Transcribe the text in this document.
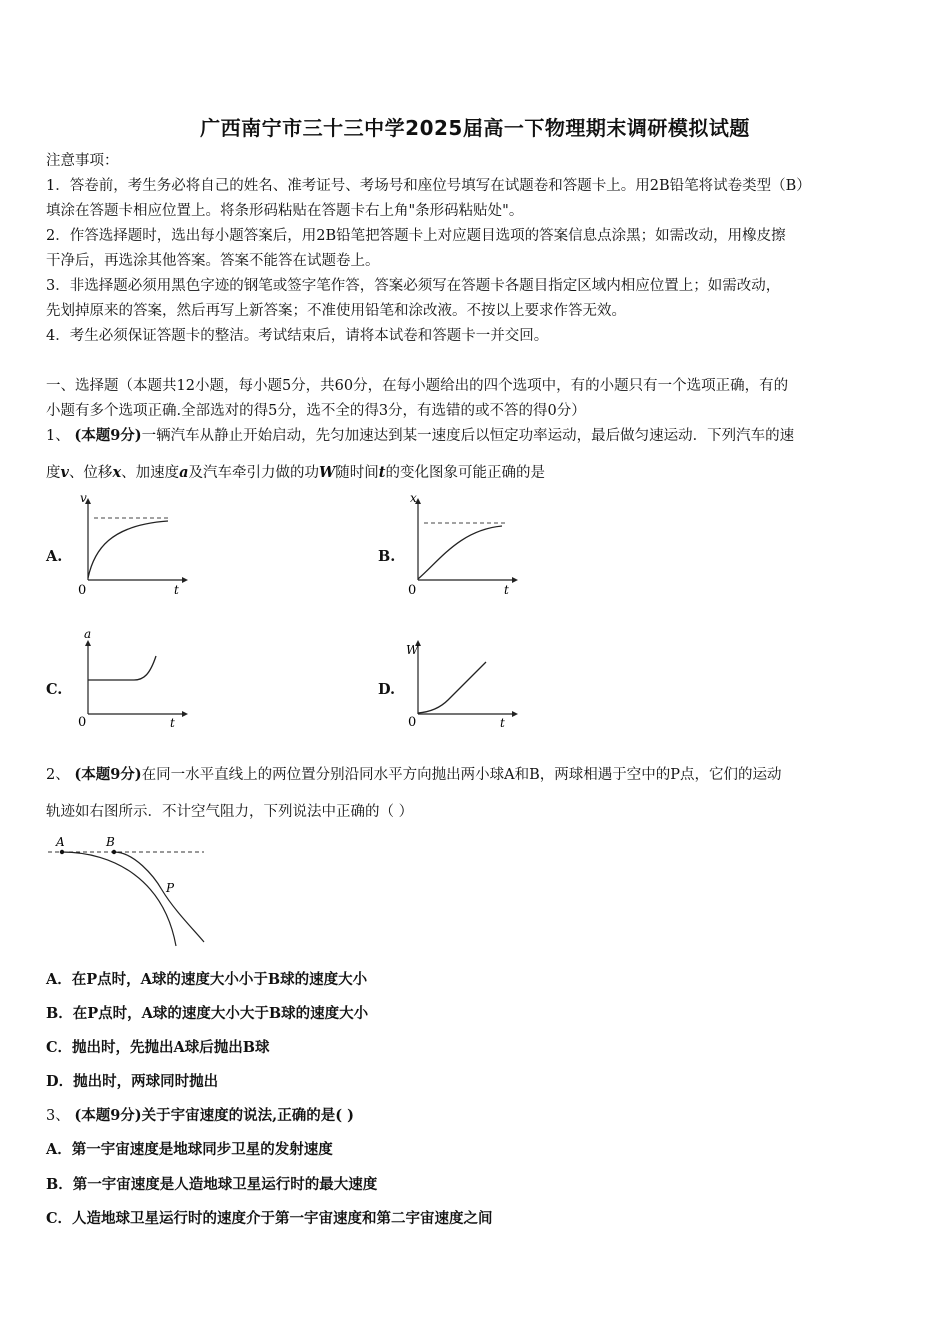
广西南宁市三十三中学2025届高一下物理期末调研模拟试题
注意事项：
1．答卷前，考生务必将自己的姓名、准考证号、考场号和座位号填写在试题卷和答题卡上。用2B铅笔将试卷类型（B）
填涂在答题卡相应位置上。将条形码粘贴在答题卡右上角"条形码粘贴处"。
2．作答选择题时，选出每小题答案后，用2B铅笔把答题卡上对应题目选项的答案信息点涂黑；如需改动，用橡皮擦
干净后，再选涂其他答案。答案不能答在试题卷上。
3．非选择题必须用黑色字迹的钢笔或签字笔作答，答案必须写在答题卡各题目指定区域内相应位置上；如需改动，
先划掉原来的答案，然后再写上新答案；不准使用铅笔和涂改液。不按以上要求作答无效。
4．考生必须保证答题卡的整洁。考试结束后，请将本试卷和答题卡一并交回。
一、选择题（本题共12小题，每小题5分，共60分，在每小题给出的四个选项中，有的小题只有一个选项正确，有的
小题有多个选项正确.全部选对的得5分，选不全的得3分，有选错的或不答的得0分）
1、 (本题9分)一辆汽车从静止开始启动，先匀加速达到某一速度后以恒定功率运动，最后做匀速运动．下列汽车的速
度v、位移x、加速度a及汽车牵引力做的功W随时间t的变化图象可能正确的是
A.	B.
C.	D.
v
t
0
x
t
0
a
t
0
W
t
0
2、 (本题9分)在同一水平直线上的两位置分别沿同水平方向抛出两小球A和B，两球相遇于空中的P点，它们的运动
轨迹如右图所示．不计空气阻力，下列说法中正确的（ ）
A	B
P
A．在P点时，A球的速度大小小于B球的速度大小
B．在P点时，A球的速度大小大于B球的速度大小
C．抛出时，先抛出A球后抛出B球
D．抛出时，两球同时抛出
3、 (本题9分)关于宇宙速度的说法,正确的是( )
A．第一宇宙速度是地球同步卫星的发射速度
B．第一宇宙速度是人造地球卫星运行时的最大速度
C．人造地球卫星运行时的速度介于第一宇宙速度和第二宇宙速度之间
